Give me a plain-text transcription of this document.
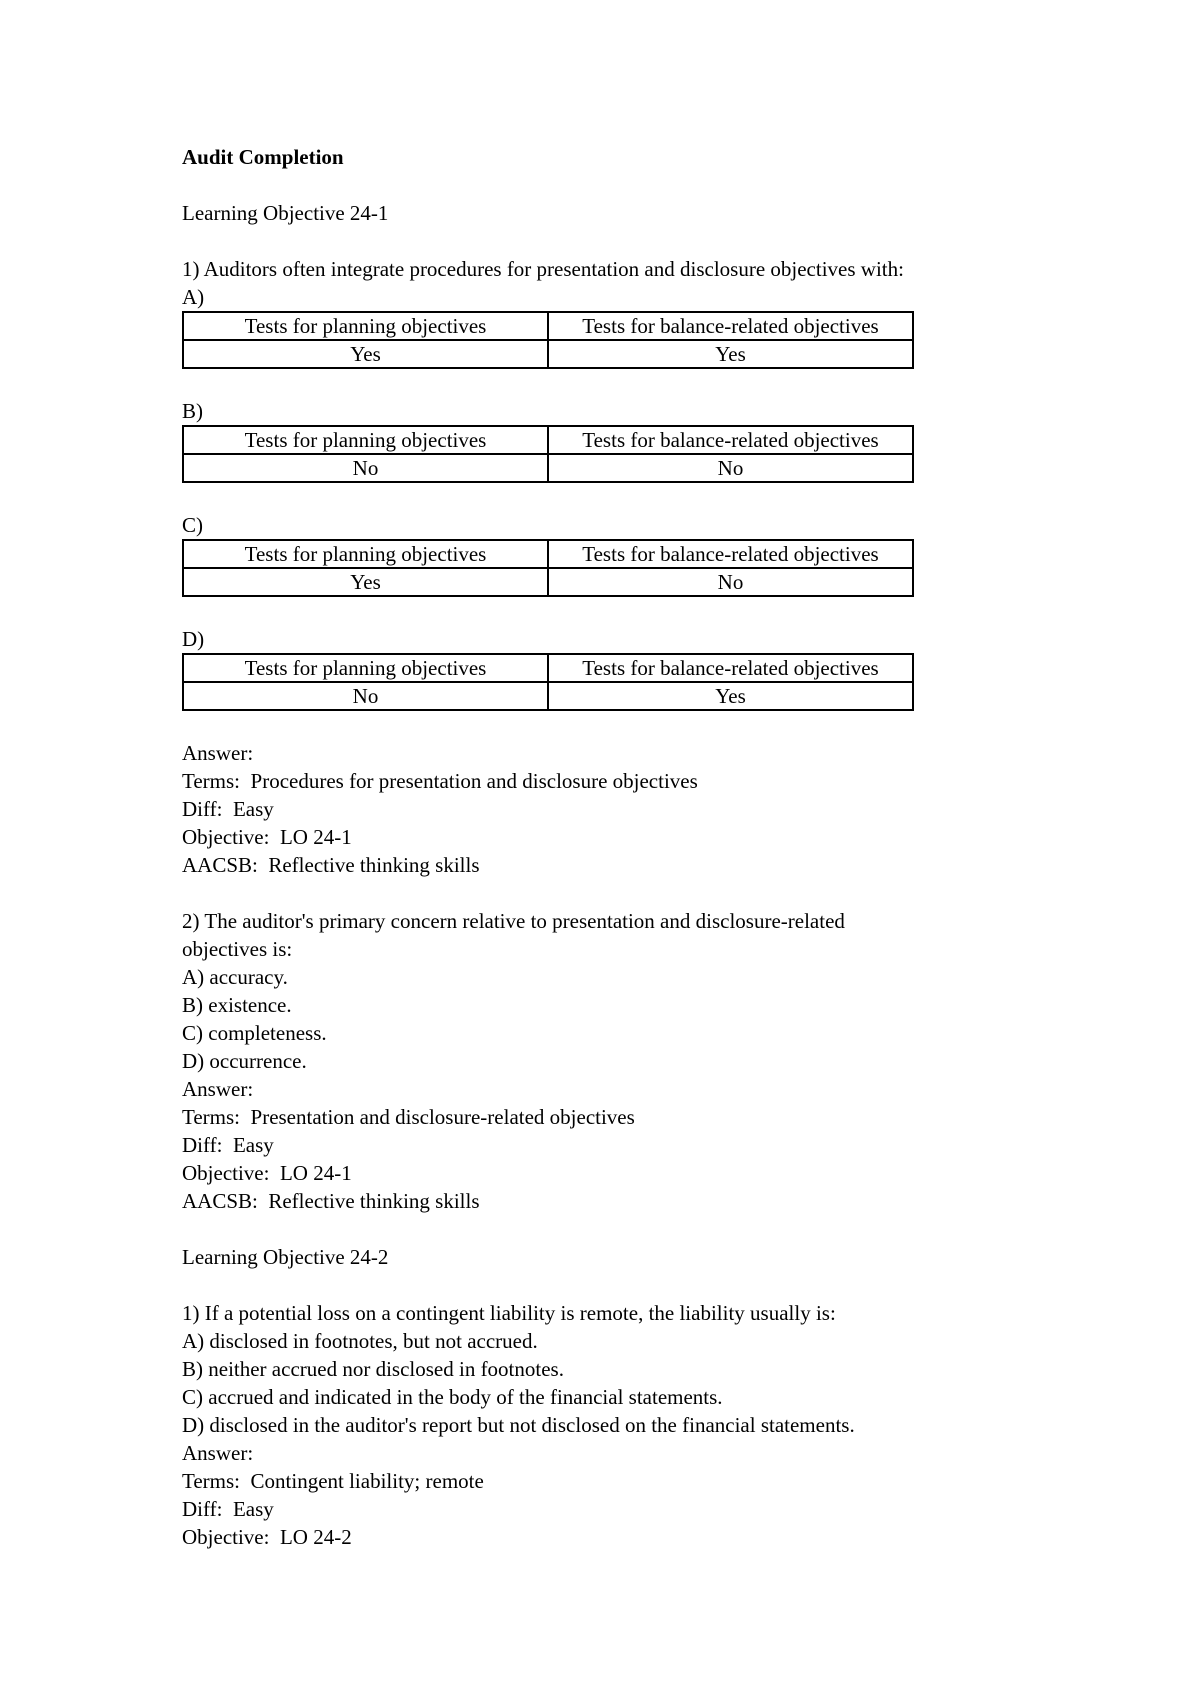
Audit Completion

Learning Objective 24-1

1) Auditors often integrate procedures for presentation and disclosure objectives with:

A)

Tests for planning objectives	Tests for balance-related objectives
Yes	Yes

B)

Tests for planning objectives	Tests for balance-related objectives
No	No

C)

Tests for planning objectives	Tests for balance-related objectives
Yes	No

D)

Tests for planning objectives	Tests for balance-related objectives
No	Yes

Answer:

Terms:  Procedures for presentation and disclosure objectives

Diff:  Easy

Objective:  LO 24-1

AACSB:  Reflective thinking skills

2) The auditor's primary concern relative to presentation and disclosure-related

objectives is:

A) accuracy.

B) existence.

C) completeness.

D) occurrence.

Answer:

Terms:  Presentation and disclosure-related objectives

Diff:  Easy

Objective:  LO 24-1

AACSB:  Reflective thinking skills

Learning Objective 24-2

1) If a potential loss on a contingent liability is remote, the liability usually is:

A) disclosed in footnotes, but not accrued.

B) neither accrued nor disclosed in footnotes.

C) accrued and indicated in the body of the financial statements.

D) disclosed in the auditor's report but not disclosed on the financial statements.

Answer:

Terms:  Contingent liability; remote

Diff:  Easy

Objective:  LO 24-2
